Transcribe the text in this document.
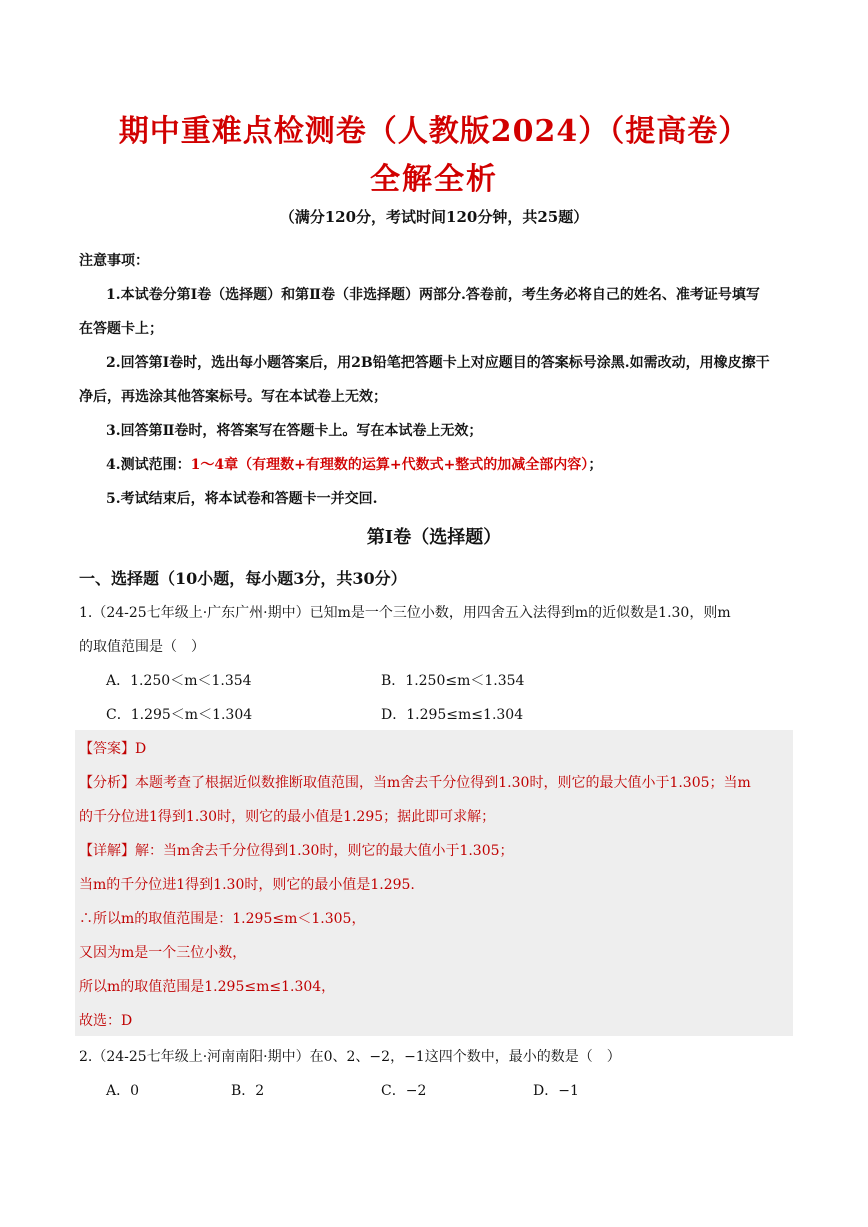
期中重难点检测卷（人教版2024）（提高卷）
全解全析
（满分120分，考试时间120分钟，共25题）
注意事项：
1.本试卷分第Ⅰ卷（选择题）和第Ⅱ卷（非选择题）两部分.答卷前，考生务必将自己的姓名、准考证号填写
在答题卡上；
2.回答第Ⅰ卷时，选出每小题答案后，用2B铅笔把答题卡上对应题目的答案标号涂黑.如需改动，用橡皮擦干
净后，再选涂其他答案标号。写在本试卷上无效；
3.回答第Ⅱ卷时，将答案写在答题卡上。写在本试卷上无效；
4.测试范围：1～4章（有理数+有理数的运算+代数式+整式的加减全部内容）；
5.考试结束后，将本试卷和答题卡一并交回.
第Ⅰ卷（选择题）
一、选择题（10小题，每小题3分，共30分）
1.（24-25七年级上·广东广州·期中）已知m是一个三位小数，用四舍五入法得到m的近似数是1.30，则m
的取值范围是（　）
A．1.250＜m＜1.354	B．1.250≤m＜1.354
C．1.295＜m＜1.304	D．1.295≤m≤1.304
【答案】D
【分析】本题考查了根据近似数推断取值范围，当m舍去千分位得到1.30时，则它的最大值小于1.305；当m
的千分位进1得到1.30时，则它的最小值是1.295；据此即可求解；
【详解】解：当m舍去千分位得到1.30时，则它的最大值小于1.305；
当m的千分位进1得到1.30时，则它的最小值是1.295.
∴所以m的取值范围是：1.295≤m＜1.305，
又因为m是一个三位小数，
所以m的取值范围是1.295≤m≤1.304，
故选：D
2.（24-25七年级上·河南南阳·期中）在0、2、−2，−1这四个数中，最小的数是（　）
A．0	B．2	C．−2	D．−1
